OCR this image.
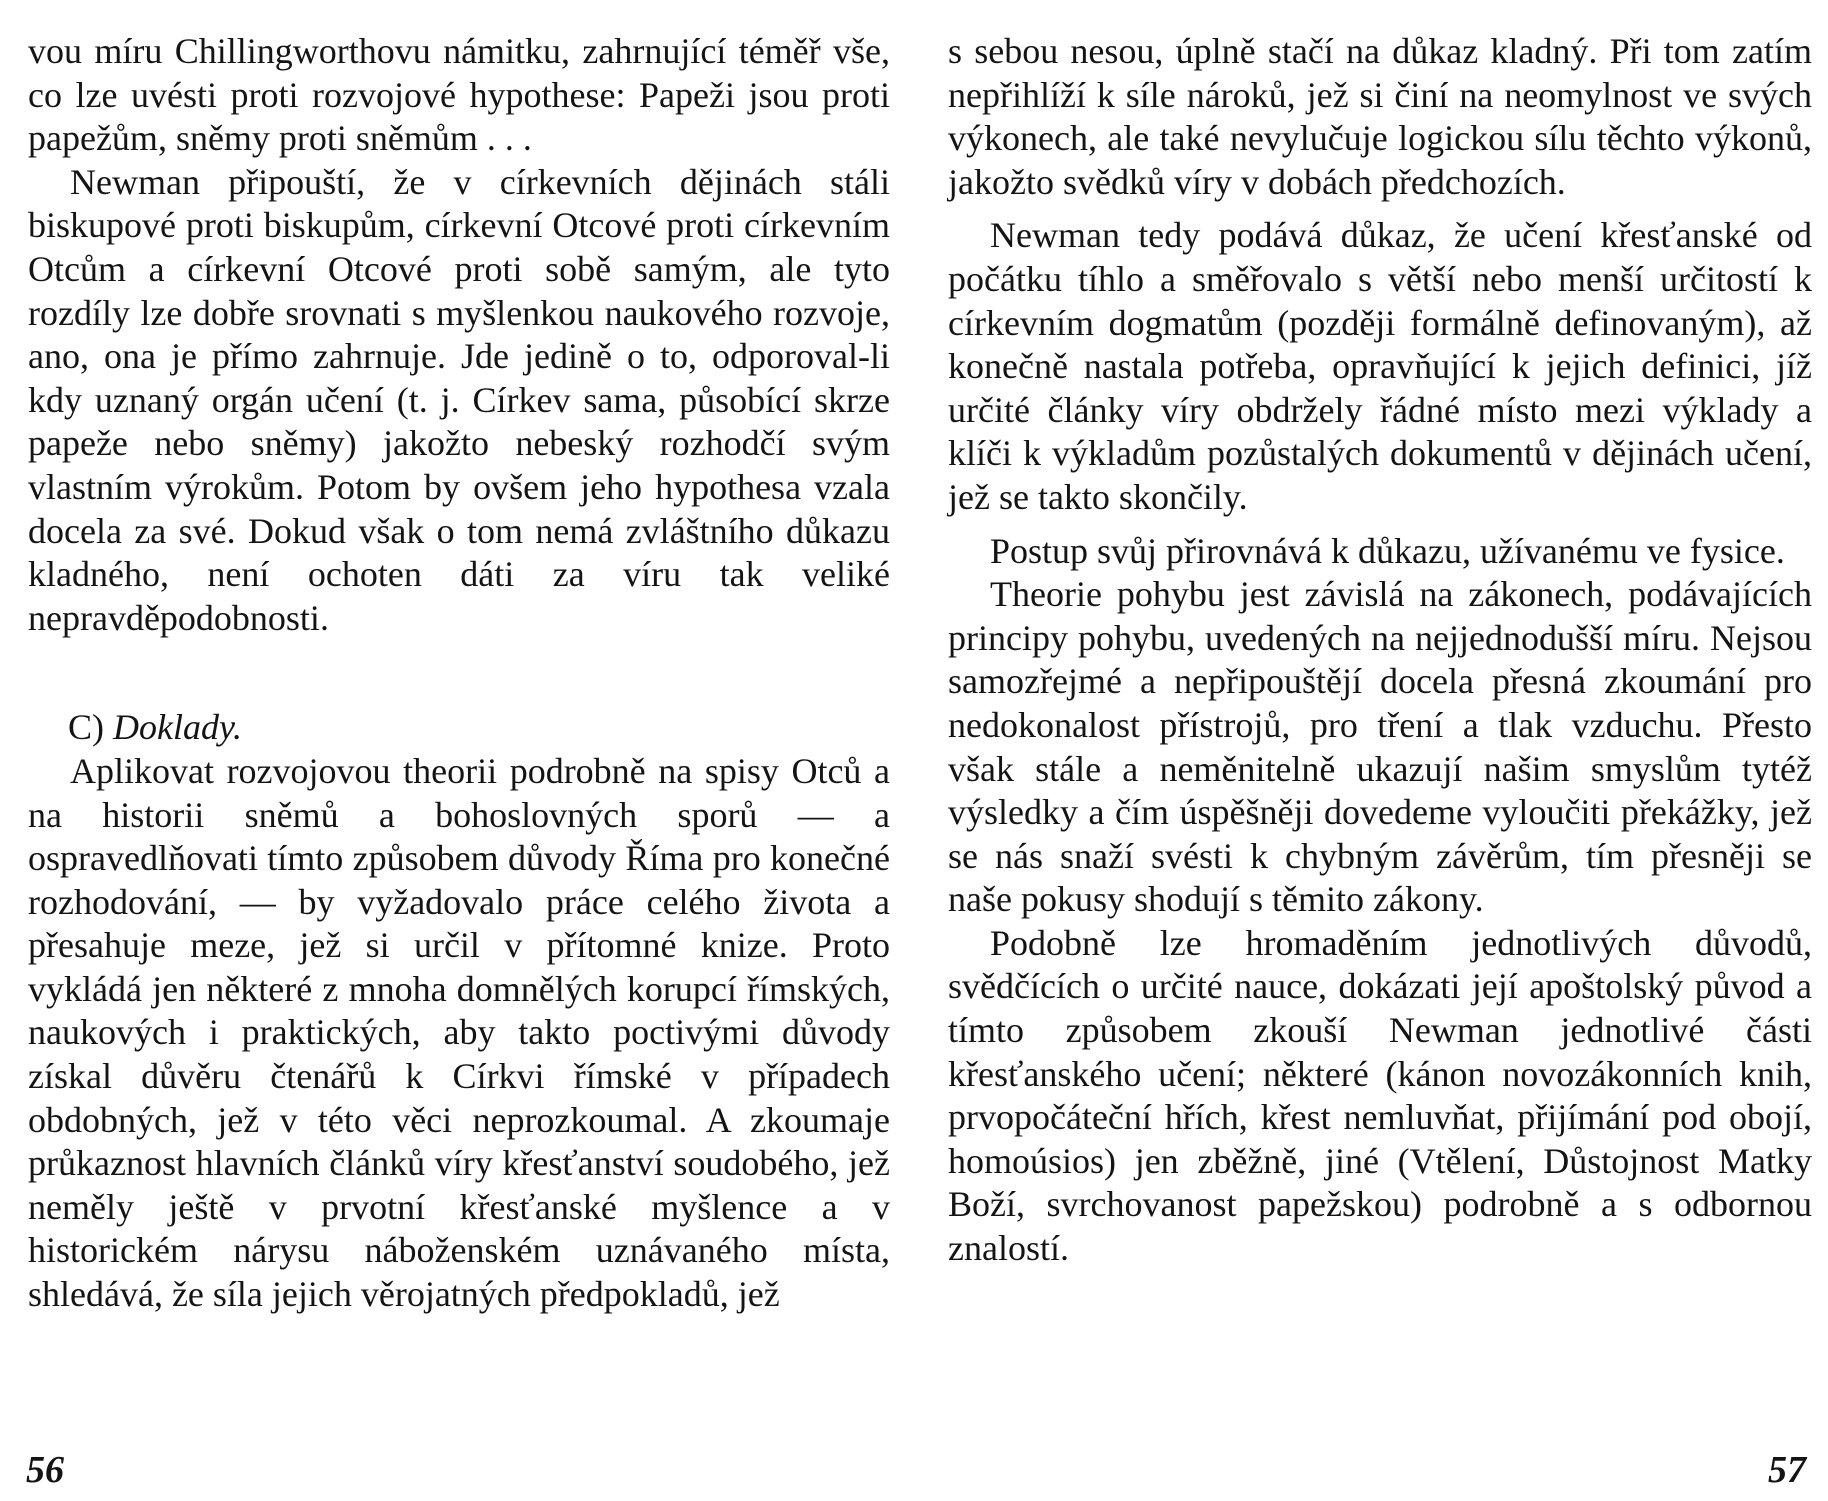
vou míru Chillingworthovu námitku, zahrnující téměř vše, co lze uvésti proti rozvojové hypothese: Papeži jsou proti papežům, sněmy proti sněmům . . .

Newman připouští, že v církevních dějinách stáli biskupové proti biskupům, církevní Otcové proti církevním Otcům a církevní Otcové proti sobě samým, ale tyto rozdíly lze dobře srovnati s myšlenkou naukového rozvoje, ano, ona je přímo zahrnuje. Jde jedině o to, odporoval-li kdy uznaný orgán učení (t. j. Církev sama, působící skrze papeže nebo sněmy) jakožto nebeský rozhodčí svým vlastním výrokům. Potom by ovšem jeho hypothesa vzala docela za své. Dokud však o tom nemá zvláštního důkazu kladného, není ochoten dáti za víru tak veliké nepravděpodobnosti.

C) Doklady.

Aplikovat rozvojovou theorii podrobně na spisy Otců a na historii sněmů a bohoslovných sporů — a ospravedlňovati tímto způsobem důvody Říma pro konečné rozhodování, — by vyžadovalo práce celého života a přesahuje meze, jež si určil v přítomné knize. Proto vykládá jen některé z mnoha domnělých korupcí římských, naukových i praktických, aby takto poctivými důvody získal důvěru čtenářů k Církvi římské v případech obdobných, jež v této věci neprozkoumal. A zkoumaje průkaznost hlavních článků víry křesťanství soudobého, jež neměly ještě v prvotní křesťanské myšlence a v historickém nárysu náboženském uznávaného místa, shledává, že síla jejich věrojatných předpokladů, jež

s sebou nesou, úplně stačí na důkaz kladný. Při tom zatím nepřihlíží k síle nároků, jež si činí na neomylnost ve svých výkonech, ale také nevylučuje logickou sílu těchto výkonů, jakožto svědků víry v dobách předchozích.

Newman tedy podává důkaz, že učení křesťanské od počátku tíhlo a směřovalo s větší nebo menší určitostí k církevním dogmatům (později formálně definovaným), až konečně nastala potřeba, opravňující k jejich definici, jíž určité články víry obdržely řádné místo mezi výklady a klíči k výkladům pozůstalých dokumentů v dějinách učení, jež se takto skončily.

Postup svůj přirovnává k důkazu, užívanému ve fysice.

Theorie pohybu jest závislá na zákonech, podávajících principy pohybu, uvedených na nejjednodušší míru. Nejsou samozřejmé a nepřipouštějí docela přesná zkoumání pro nedokonalost přístrojů, pro tření a tlak vzduchu. Přesto však stále a neměnitelně ukazují našim smyslům tytéž výsledky a čím úspěšněji dovedeme vyloučiti překážky, jež se nás snaží svésti k chybným závěrům, tím přesněji se naše pokusy shodují s těmito zákony.

Podobně lze hromaděním jednotlivých důvodů, svědčících o určité nauce, dokázati její apoštolský původ a tímto způsobem zkouší Newman jednotlivé části křesťanského učení; některé (kánon novozákonních knih, prvopočáteční hřích, křest nemluvňat, přijímání pod obojí, homoúsios) jen zběžně, jiné (Vtělení, Důstojnost Matky Boží, svrchovanost papežskou) podrobně a s odbornou znalostí.

56	57
